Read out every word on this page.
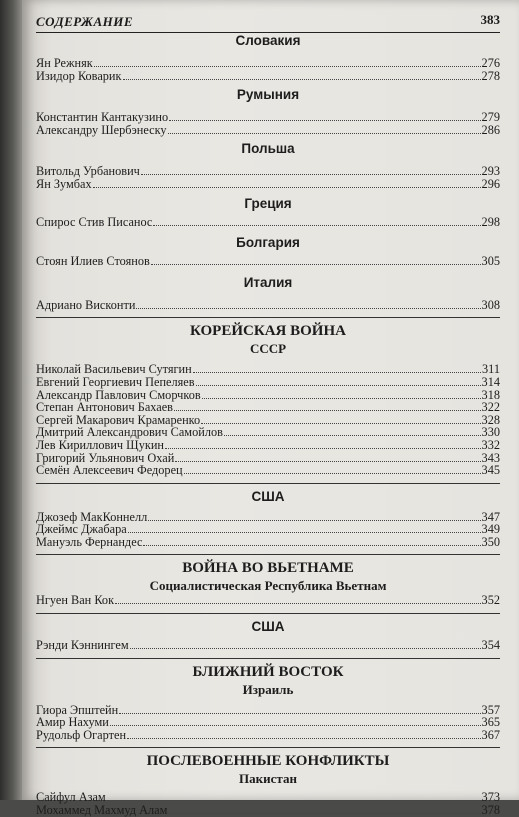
СОДЕРЖАНИЕ	383
Словакия
Ян Режняк	276
Изидор Коварик	278
Румыния
Константин Кантакузино	279
Александру Шербэнеску	286
Польша
Витольд Урбанович	293
Ян Зумбах	296
Греция
Спирос Стив Писанос	298
Болгария
Стоян Илиев Стоянов	305
Италия
Адриано Висконти	308
КОРЕЙСКАЯ ВОЙНА
СССР
Николай Васильевич Сутягин	311
Евгений Георгиевич Пепеляев	314
Александр Павлович Сморчков	318
Степан Антонович Бахаев	322
Сергей Макарович Крамаренко	328
Дмитрий Александрович Самойлов	330
Лев Кириллович Щукин	332
Григорий Ульянович Охай	343
Семён Алексеевич Федорец	345
США
Джозеф МакКоннелл	347
Джеймс Джабара	349
Мануэль Фернандес	350
ВОЙНА ВО ВЬЕТНАМЕ
Социалистическая Республика Вьетнам
Нгуен Ван Кок	352
США
Рэнди Кэннингем	354
БЛИЖНИЙ ВОСТОК
Израиль
Гиора Эпштейн	357
Амир Нахуми	365
Рудольф Огартен	367
ПОСЛЕВОЕННЫЕ КОНФЛИКТЫ
Пакистан
Сайфул Азам	373
Мохаммед Махмуд Алам	378
